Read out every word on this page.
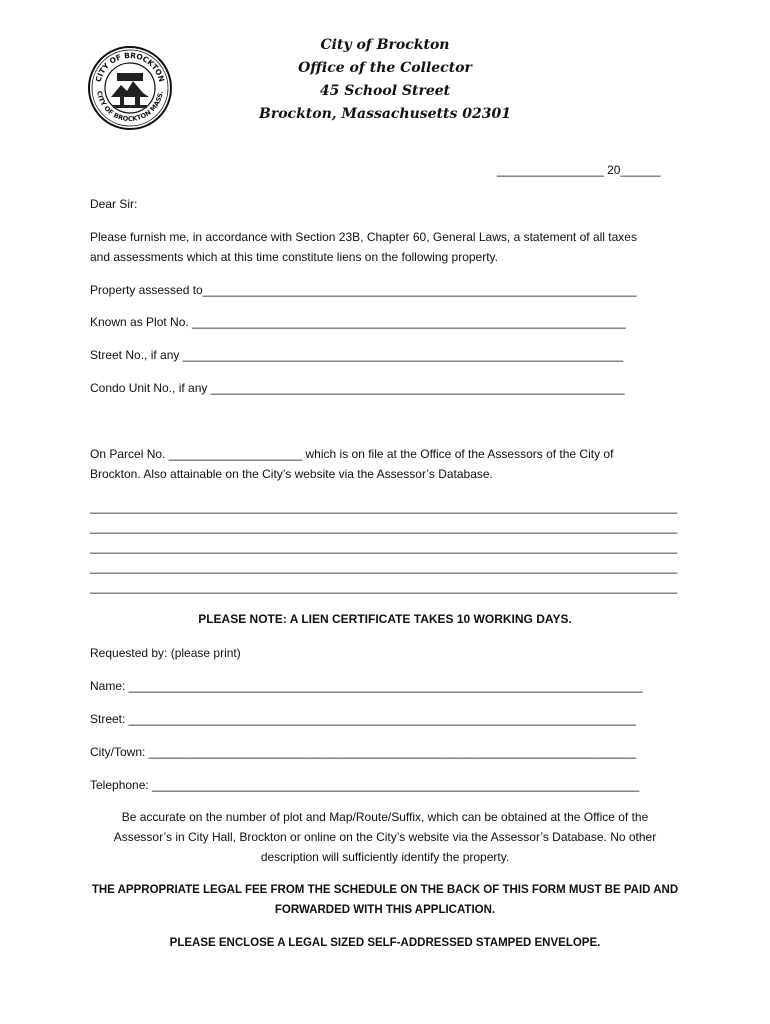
CITY OF BROCKTON
CITY OF BROCKTON MASS.
City of Brockton
Office of the Collector
45 School Street
Brockton, Massachusetts 02301
________________ 20______
Dear Sir:
Please furnish me, in accordance with Section 23B, Chapter 60, General Laws, a statement of all taxes
and assessments which at this time constitute liens on the following property.
Property assessed to_________________________________________________________________
Known as Plot No. _________________________________________________________________
Street No., if any __________________________________________________________________
Condo Unit No., if any ______________________________________________________________
On Parcel No. ____________________ which is on file at the Office of the Assessors of the City of
Brockton. Also attainable on the City’s website via the Assessor’s Database.
________________________________________________________________________________________
________________________________________________________________________________________
________________________________________________________________________________________
________________________________________________________________________________________
________________________________________________________________________________________
PLEASE NOTE: A LIEN CERTIFICATE TAKES 10 WORKING DAYS.
Requested by: (please print)
Name: _____________________________________________________________________________
Street: ____________________________________________________________________________
City/Town: _________________________________________________________________________
Telephone: _________________________________________________________________________
Be accurate on the number of plot and Map/Route/Suffix, which can be obtained at the Office of the
Assessor’s in City Hall, Brockton or online on the City’s website via the Assessor’s Database. No other
description will sufficiently identify the property.
THE APPROPRIATE LEGAL FEE FROM THE SCHEDULE ON THE BACK OF THIS FORM MUST BE PAID AND
FORWARDED WITH THIS APPLICATION.
PLEASE ENCLOSE A LEGAL SIZED SELF-ADDRESSED STAMPED ENVELOPE.
